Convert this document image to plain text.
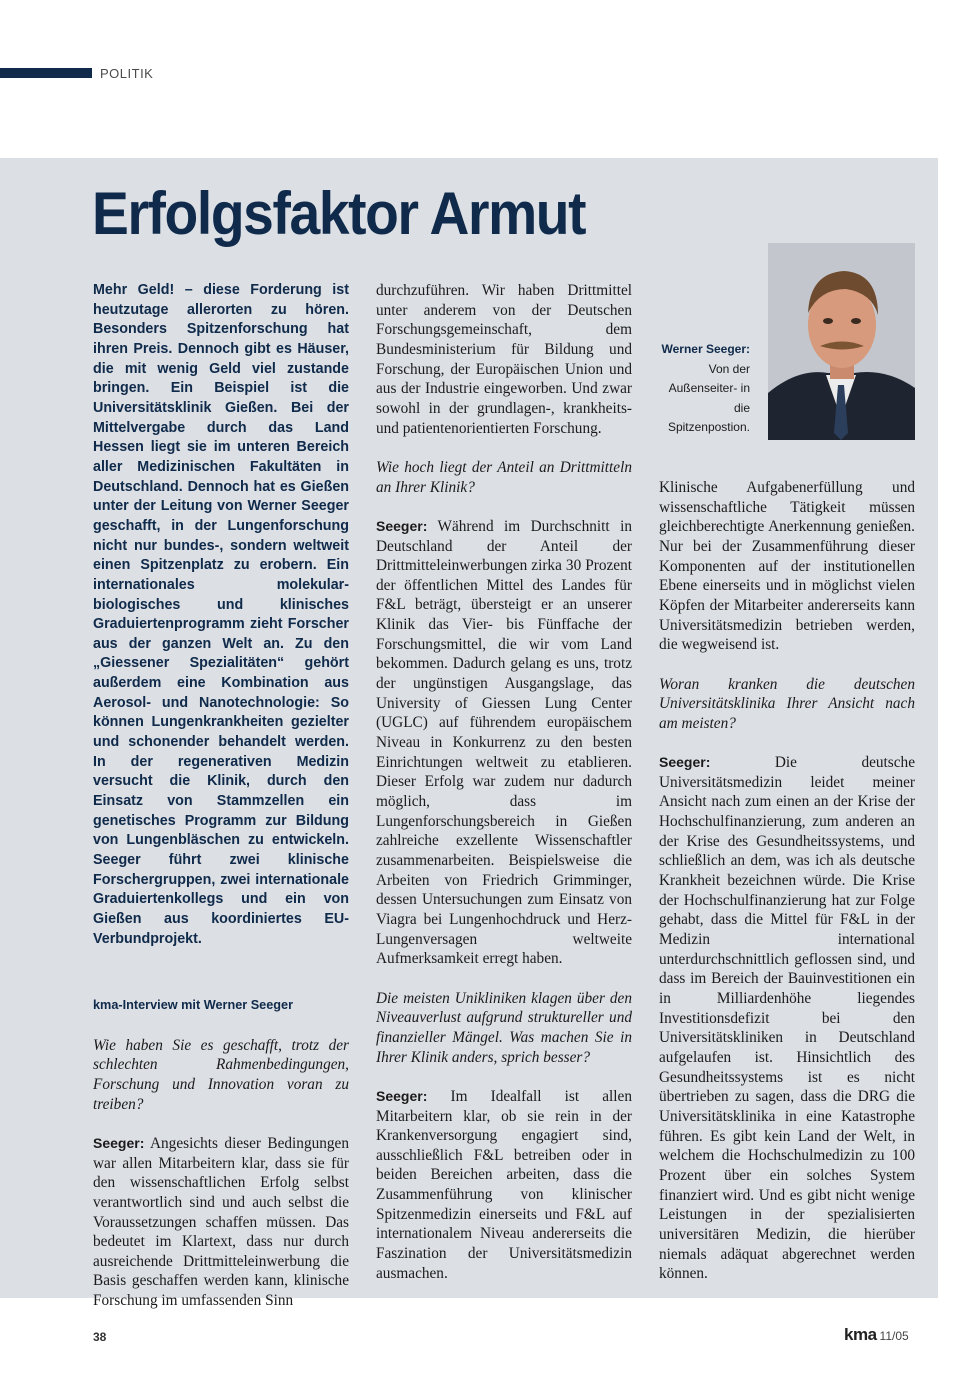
POLITIK
Erfolgsfaktor Armut

Mehr Geld! – diese Forderung ist heutzutage allerorten zu hören. Besonders Spitzenforschung hat ihren Preis. Dennoch gibt es Häuser, die mit wenig Geld viel zustande bringen. Ein Beispiel ist die Universitätsklinik Gießen. Bei der Mittelvergabe durch das Land Hessen liegt sie im unteren Bereich aller Medizinischen Fakultäten in Deutschland. Dennoch hat es Gießen unter der Leitung von Werner Seeger geschafft, in der Lungenforschung nicht nur bundes-, sondern weltweit einen Spitzenplatz zu erobern. Ein internationales molekular-biologisches und klinisches Graduiertenprogramm zieht Forscher aus der ganzen Welt an. Zu den „Giessener Spezialitäten“ gehört außerdem eine Kombination aus Aerosol- und Nanotechnologie: So können Lungenkrankheiten gezielter und schonender behandelt werden. In der regenerativen Medizin versucht die Klinik, durch den Einsatz von Stammzellen ein genetisches Programm zur Bildung von Lungenbläschen zu entwickeln. Seeger führt zwei klinische Forschergruppen, zwei internationale Graduiertenkollegs und ein von Gießen aus koordiniertes EU-Verbundprojekt.

kma-Interview mit Werner Seeger

Wie haben Sie es geschafft, trotz der schlechten Rahmenbedingungen, Forschung und Innovation voran zu treiben?

Seeger: Angesichts dieser Bedingungen war allen Mitarbeitern klar, dass sie für den wissenschaftlichen Erfolg selbst verantwortlich sind und auch selbst die Voraussetzungen schaffen müssen. Das bedeutet im Klartext, dass nur durch ausreichende Drittmitteleinwerbung die Basis geschaffen werden kann, klinische Forschung im umfassenden Sinn

durchzuführen. Wir haben Drittmittel unter anderem von der Deutschen Forschungsgemeinschaft, dem Bundesministerium für Bildung und Forschung, der Europäischen Union und aus der Industrie eingeworben. Und zwar sowohl in der grundlagen-, krankheits- und patientenorientierten Forschung.

Wie hoch liegt der Anteil an Drittmitteln an Ihrer Klinik?

Seeger: Während im Durchschnitt in Deutschland der Anteil der Drittmitteleinwerbungen zirka 30 Prozent der öffentlichen Mittel des Landes für F&L beträgt, übersteigt er an unserer Klinik das Vier- bis Fünffache der Forschungsmittel, die wir vom Land bekommen. Dadurch gelang es uns, trotz der ungünstigen Ausgangslage, das University of Giessen Lung Center (UGLC) auf führendem europäischem Niveau in Konkurrenz zu den besten Einrichtungen weltweit zu etablieren. Dieser Erfolg war zudem nur dadurch möglich, dass im Lungenforschungsbereich in Gießen zahlreiche exzellente Wissenschaftler zusammenarbeiten. Beispielsweise die Arbeiten von Friedrich Grimminger, dessen Untersuchungen zum Einsatz von Viagra bei Lungenhochdruck und Herz-Lungenversagen weltweite Aufmerksamkeit erregt haben.

Die meisten Unikliniken klagen über den Niveauverlust aufgrund struktureller und finanzieller Mängel. Was machen Sie in Ihrer Klinik anders, sprich besser?

Seeger: Im Idealfall ist allen Mitarbeitern klar, ob sie rein in der Krankenversorgung engagiert sind, ausschließlich F&L betreiben oder in beiden Bereichen arbeiten, dass die Zusammenführung von klinischer Spitzenmedizin einerseits und F&L auf internationalem Niveau andererseits die Faszination der Universitätsmedizin ausmachen.

Werner Seeger:
Von der Außenseiter- in die Spitzenpostion.

Klinische Aufgabenerfüllung und wissenschaftliche Tätigkeit müssen gleichberechtigte Anerkennung genießen. Nur bei der Zusammenführung dieser Komponenten auf der institutionellen Ebene einerseits und in möglichst vielen Köpfen der Mitarbeiter andererseits kann Universitätsmedizin betrieben werden, die wegweisend ist.

Woran kranken die deutschen Universitätsklinika Ihrer Ansicht nach am meisten?

Seeger:	Die deutsche Universitätsmedizin leidet meiner Ansicht nach zum einen an der Krise der Hochschulfinanzierung, zum anderen an der Krise des Gesundheitssystems, und schließlich an dem, was ich als deutsche Krankheit bezeichnen würde. Die Krise der Hochschulfinanzierung hat zur Folge gehabt, dass die Mittel für F&L in der Medizin international unterdurchschnittlich geflossen sind, und dass im Bereich der Bauinvestitionen ein in Milliardenhöhe liegendes Investitionsdefizit bei den Universitätskliniken in Deutschland aufgelaufen ist. Hinsichtlich des Gesundheitssystems ist es nicht übertrieben zu sagen, dass die DRG die Universitätsklinika in eine Katastrophe führen. Es gibt kein Land der Welt, in welchem die Hochschulmedizin zu 100 Prozent über ein solches System finanziert wird. Und es gibt nicht wenige Leistungen in der spezialisierten universitären Medizin, die hierüber niemals adäquat abgerechnet werden können.

38	kma 11/05
